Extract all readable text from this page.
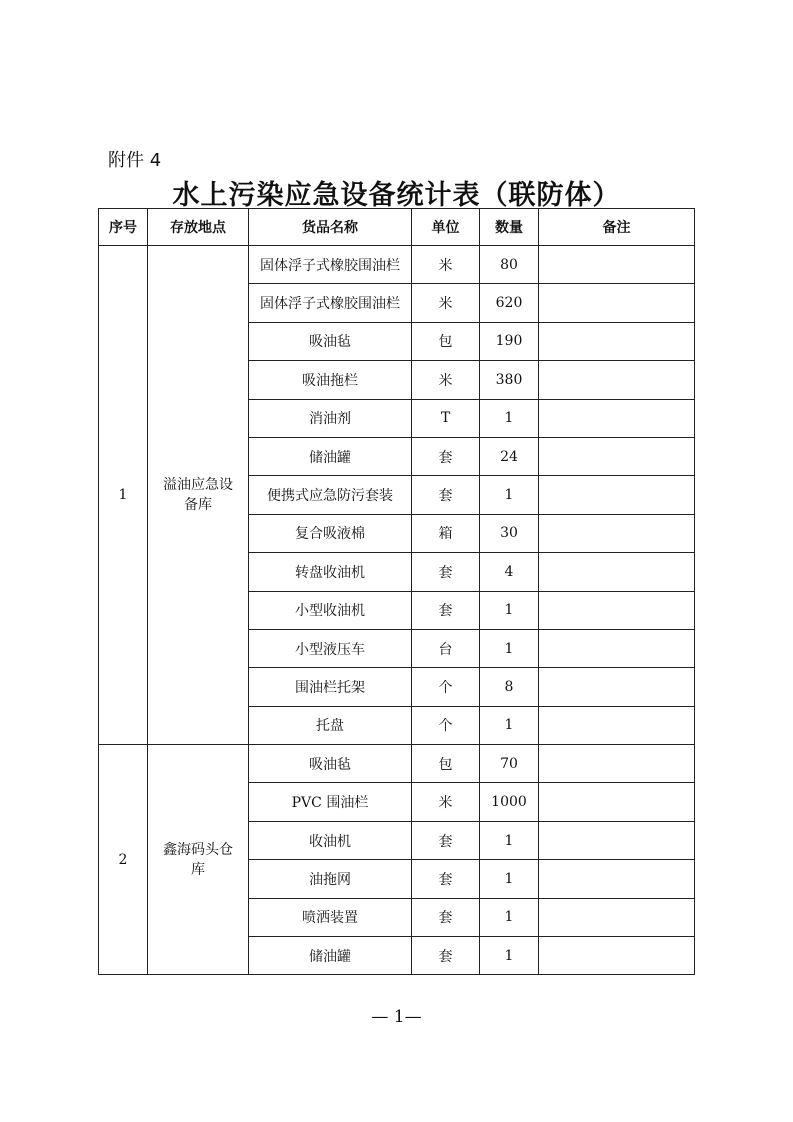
附件 4
水上污染应急设备统计表（联防体）
序号	存放地点	货品名称	单位	数量	备注
1	溢油应急设备库	固体浮子式橡胶围油栏	米	80	
		固体浮子式橡胶围油栏	米	620	
		吸油毡	包	190	
		吸油拖栏	米	380	
		消油剂	T	1	
		储油罐	套	24	
		便携式应急防污套装	套	1	
		复合吸液棉	箱	30	
		转盘收油机	套	4	
		小型收油机	套	1	
		小型液压车	台	1	
		围油栏托架	个	8	
		托盘	个	1	
2	鑫海码头仓库	吸油毡	包	70	
		PVC 围油栏	米	1000	
		收油机	套	1	
		油拖网	套	1	
		喷洒装置	套	1	
		储油罐	套	1	
— 1—
